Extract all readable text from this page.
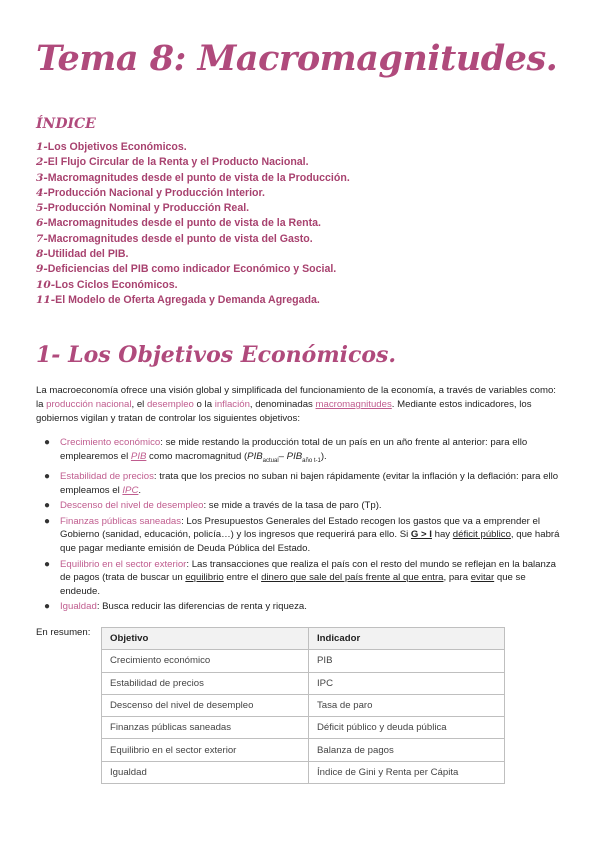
Tema 8: Macromagnitudes.
ÍNDICE
1-Los Objetivos Económicos.
2-El Flujo Circular de la Renta y el Producto Nacional.
3-Macromagnitudes desde el punto de vista de la Producción.
4-Producción Nacional y Producción Interior.
5-Producción Nominal y Producción Real.
6-Macromagnitudes desde el punto de vista de la Renta.
7-Macromagnitudes desde el punto de vista del Gasto.
8-Utilidad del PIB.
9-Deficiencias del PIB como indicador Económico y Social.
10-Los Ciclos Económicos.
11-El Modelo de Oferta Agregada y Demanda Agregada.
1- Los Objetivos Económicos.

La macroeconomía ofrece una visión global y simplificada del funcionamiento de la economía, a través de variables como: la producción nacional, el desempleo o la inflación, denominadas macromagnitudes. Mediante estos indicadores, los gobiernos vigilan y tratan de controlar los siguientes objetivos:

● Crecimiento económico: se mide restando la producción total de un país en un año frente al anterior: para ello emplearemos el PIB como macromagnitud ($PIB_{actual}-$ $PIB_{año t-1}$).
● Estabilidad de precios: trata que los precios no suban ni bajen rápidamente (evitar la inflación y la deflación: para ello empleamos el IPC.
● Descenso del nivel de desempleo: se mide a través de la tasa de paro (Tp).
● Finanzas públicas saneadas: Los Presupuestos Generales del Estado recogen los gastos que va a emprender el Gobierno (sanidad, educación, policía…) y los ingresos que requerirá para ello. Si G > I hay déficit público, que habrá que pagar mediante emisión de Deuda Pública del Estado.
● Equilibrio en el sector exterior: Las transacciones que realiza el país con el resto del mundo se reflejan en la balanza de pagos (trata de buscar un equilibrio entre el dinero que sale del país frente al que entra, para evitar que se endeude.
● Igualdad: Busca reducir las diferencias de renta y riqueza.

En resumen:

Objetivo	Indicador
Crecimiento económico	PIB
Estabilidad de precios	IPC
Descenso del nivel de desempleo	Tasa de paro
Finanzas públicas saneadas	Déficit público y deuda pública
Equilibrio en el sector exterior	Balanza de pagos
Igualdad	Índice de Gini y Renta per Cápita
